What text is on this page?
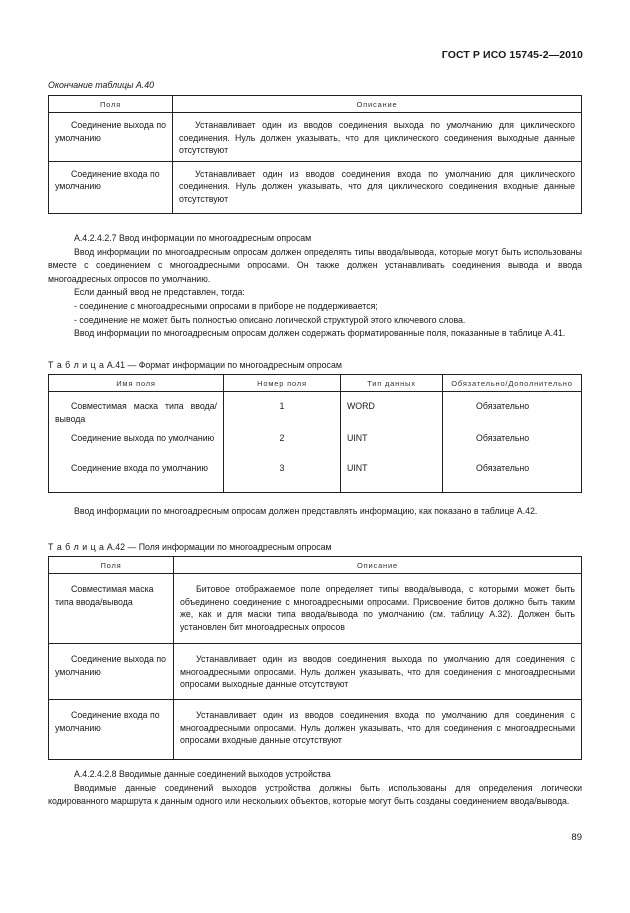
ГОСТ Р ИСО 15745-2—2010
Окончание таблицы А.40
Поля	Описание

Соединение выхода по умолчанию	Устанавливает один из вводов соединения выхода по умолчанию для циклического соединения. Нуль должен указывать, что для циклического соединения выходные данные отсутствуют

Соединение входа по умолчанию	Устанавливает один из вводов соединения входа по умолчанию для циклического соединения. Нуль должен указывать, что для циклического соединения входные данные отсутствуют

А.4.2.4.2.7 Ввод информации по многоадресным опросам

Ввод информации по многоадресным опросам должен определять типы ввода/вывода, которые могут быть использованы вместе с соединением с многоадресными опросами. Он также должен устанавливать соединения вывода и ввода многоадресных опросов по умолчанию.

Если данный ввод не представлен, тогда:

- соединение с многоадресными опросами в приборе не поддерживается;

- соединение не может быть полностью описано логической структурой этого ключевого слова.

Ввод информации по многоадресным опросам должен содержать форматированные поля, показанные в таблице А.41.

Т а б л и ц а А.41 — Формат информации по многоадресным опросам
Имя поля	Номер поля	Тип данных	Обязательно/Дополнительно

Совместимая маска типа ввода/вывода	1	WORD	Обязательно

Соединение выхода по умолчанию	2	UINT	Обязательно

Соединение входа по умолчанию	3	UINT	Обязательно

Ввод информации по многоадресным опросам должен представлять информацию, как показано в таблице А.42.

Т а б л и ц а А.42 — Поля информации по многоадресным опросам
Поля	Описание

Совместимая маска типа ввода/вывода	Битовое отображаемое поле определяет типы ввода/вывода, с которыми может быть объединено соединение с многоадресными опросами. Присвоение битов должно быть таким же, как и для маски типа ввода/вывода по умолчанию (см. таблицу А.32). Должен быть установлен бит многоадресных опросов

Соединение выхода по умолчанию	Устанавливает один из вводов соединения выхода по умолчанию для соединения с многоадресными опросами. Нуль должен указывать, что для соединения с многоадресными опросами выходные данные отсутствуют

Соединение входа по умолчанию	Устанавливает один из вводов соединения входа по умолчанию для соединения с многоадресными опросами. Нуль должен указывать, что для соединения с многоадресными опросами входные данные отсутствуют

А.4.2.4.2.8 Вводимые данные соединений выходов устройства

Вводимые данные соединений выходов устройства должны быть использованы для определения логически кодированного маршрута к данным одного или нескольких объектов, которые могут быть созданы соединением ввода/вывода.

89
